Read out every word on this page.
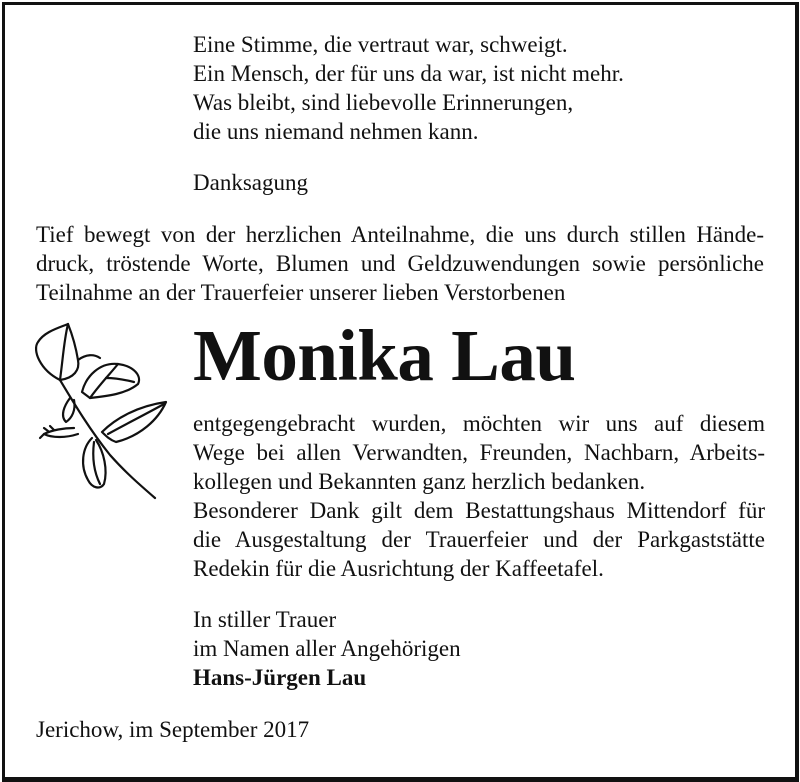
Eine Stimme, die vertraut war, schweigt.
Ein Mensch, der für uns da war, ist nicht mehr.
Was bleibt, sind liebevolle Erinnerungen,
die uns niemand nehmen kann.
Danksagung
Tief bewegt von der herzlichen Anteilnahme, die uns durch stillen Hände-
druck, tröstende Worte, Blumen und Geldzuwendungen sowie persönliche
Teilnahme an der Trauerfeier unserer lieben Verstorbenen
Monika Lau
entgegengebracht wurden, möchten wir uns auf diesem
Wege bei allen Verwandten, Freunden, Nachbarn, Arbeits-
kollegen und Bekannten ganz herzlich bedanken.
Besonderer Dank gilt dem Bestattungshaus Mittendorf für
die Ausgestaltung der Trauerfeier und der Parkgaststätte
Redekin für die Ausrichtung der Kaffeetafel.
In stiller Trauer
im Namen aller Angehörigen
Hans-Jürgen Lau
Jerichow, im September 2017
